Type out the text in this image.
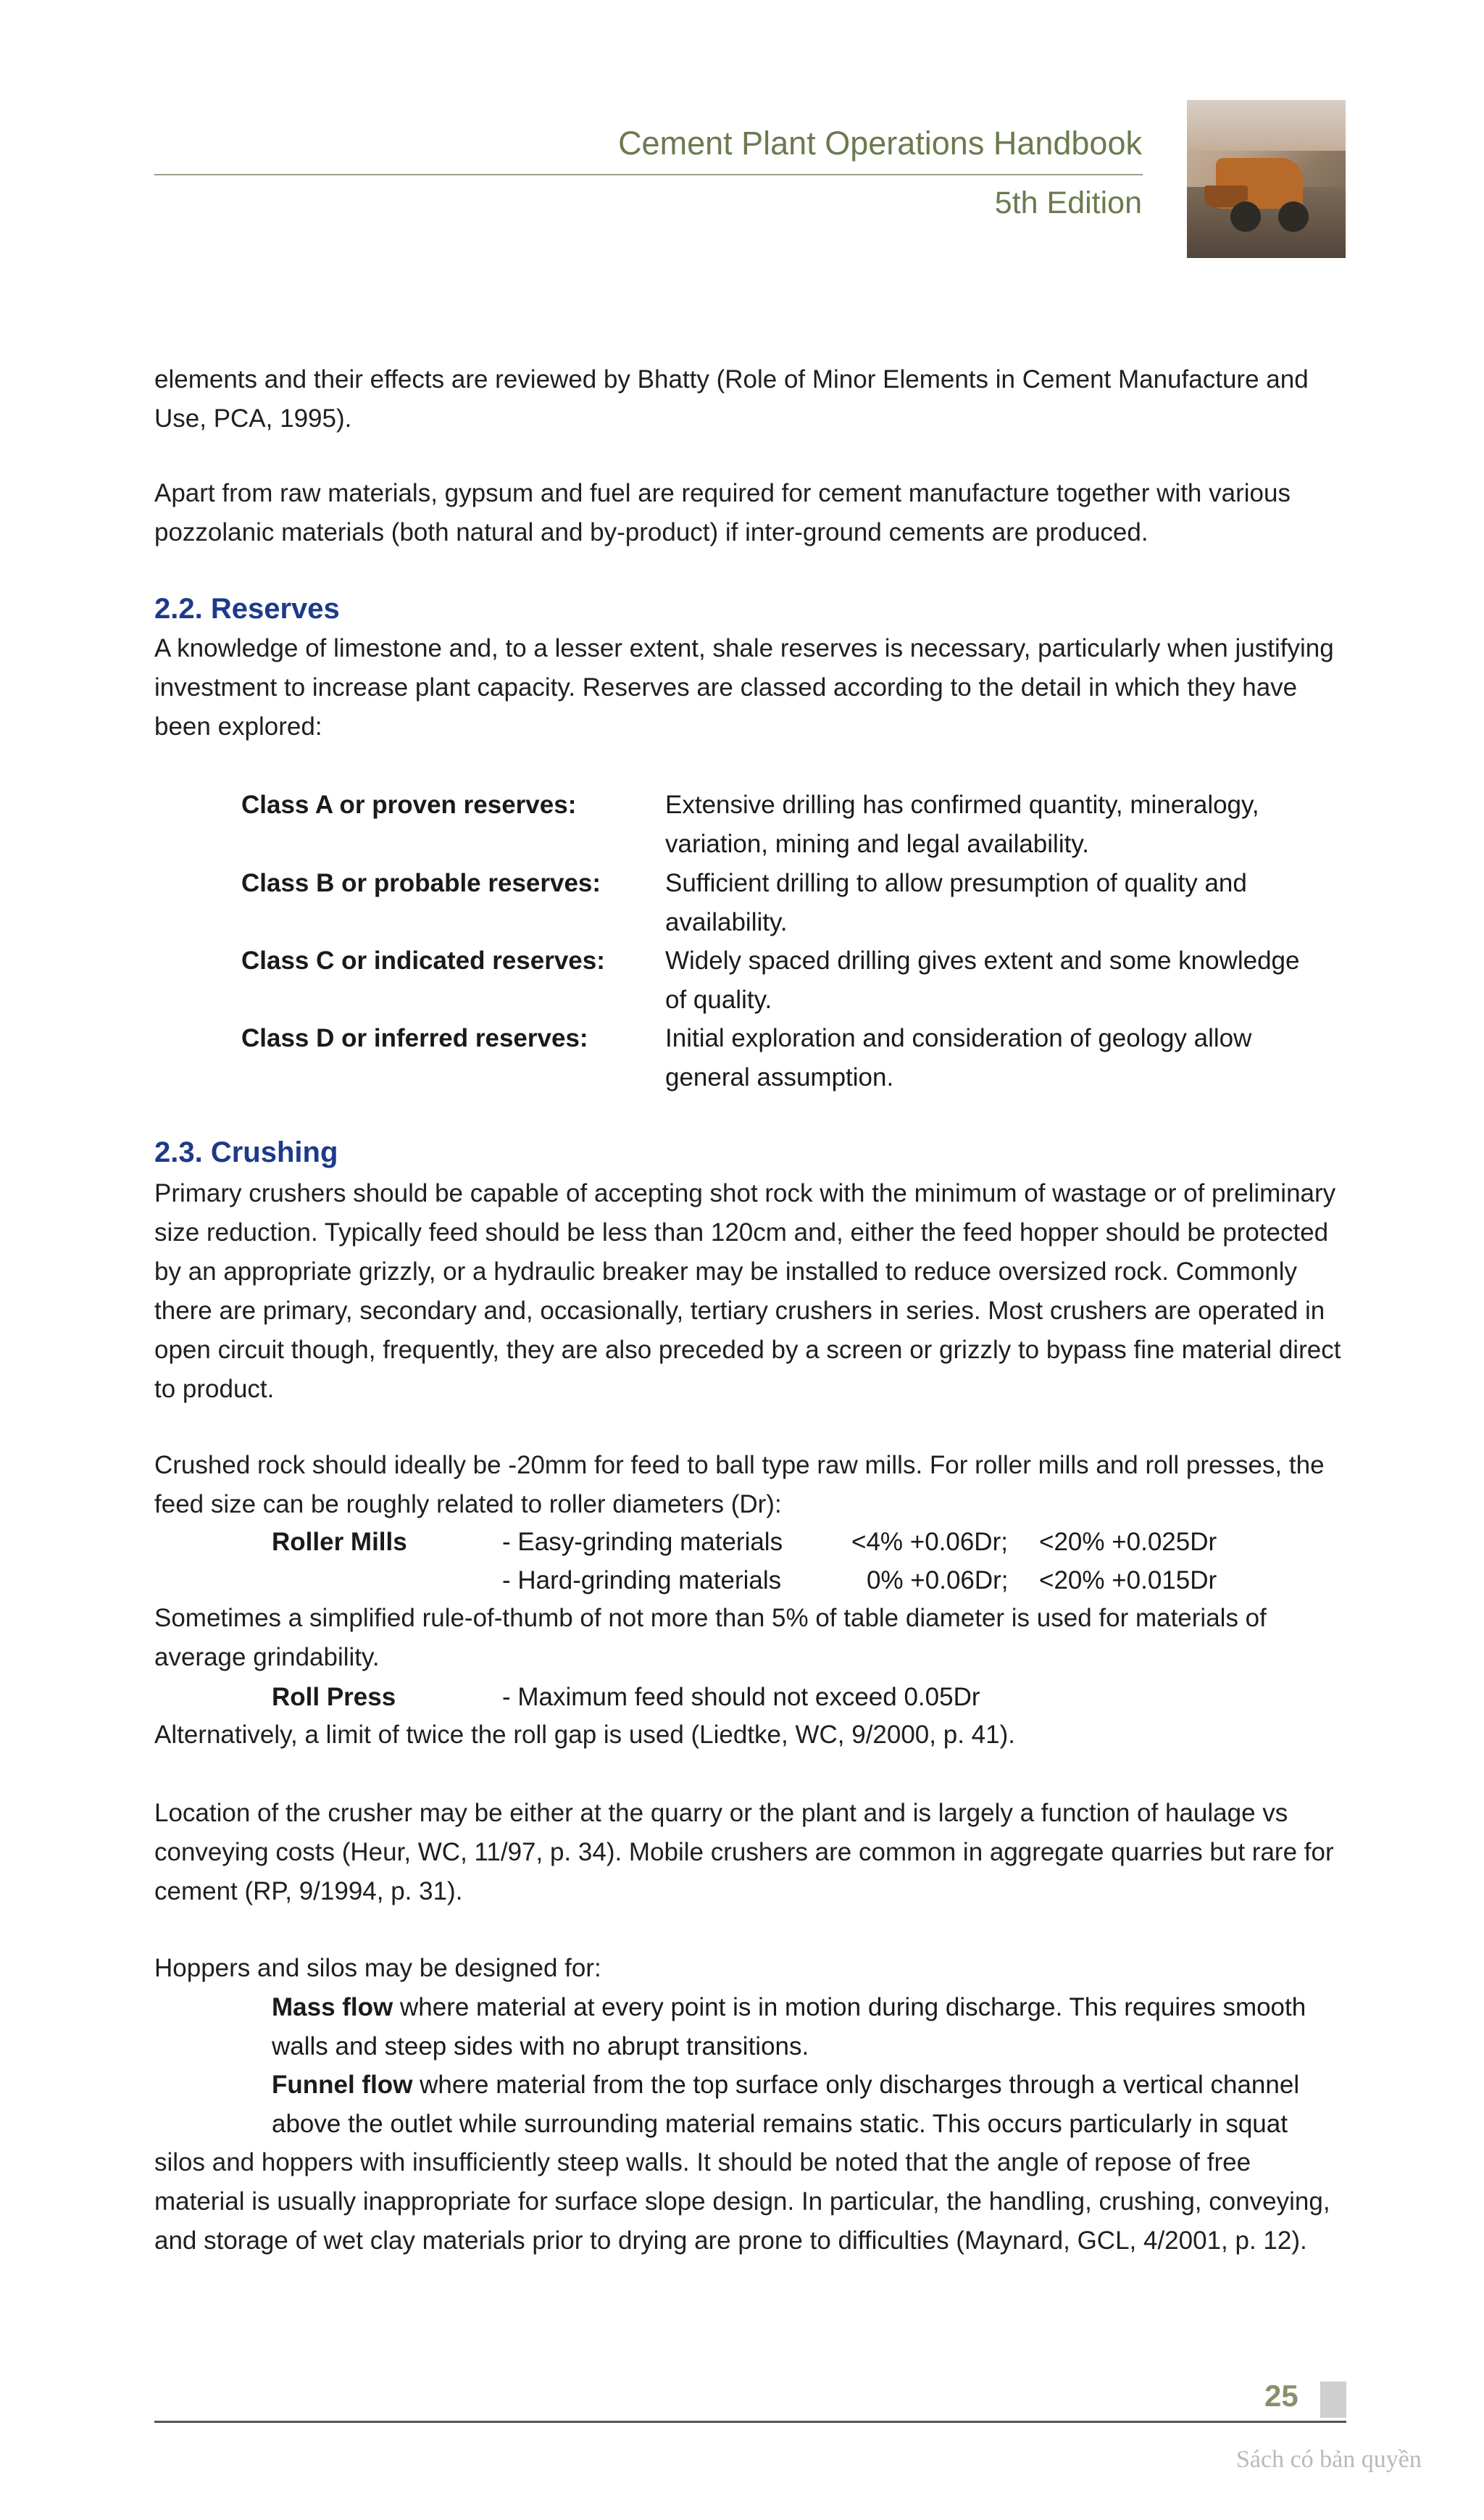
Cement Plant Operations Handbook
5th Edition
elements and their effects are reviewed by Bhatty (Role of Minor Elements in Cement Manufacture and Use, PCA, 1995).
Apart from raw materials, gypsum and fuel are required for cement manufacture together with various pozzolanic materials (both natural and by-product) if inter-ground cements are produced.
2.2. Reserves
A knowledge of limestone and, to a lesser extent, shale reserves is necessary, particularly when justifying investment to increase plant capacity. Reserves are classed according to the detail in which they have been explored:
Class A or proven reserves:	Extensive drilling has confirmed quantity, mineralogy, variation, mining and legal availability.
Class B or probable reserves:	Sufficient drilling to allow presumption of quality and availability.
Class C or indicated reserves: Widely spaced drilling gives extent and some knowledge of quality.
Class D or inferred reserves:	Initial exploration and consideration of geology allow general assumption.
2.3. Crushing
Primary crushers should be capable of accepting shot rock with the minimum of wastage or of preliminary size reduction. Typically feed should be less than 120cm and, either the feed hopper should be protected by an appropriate grizzly, or a hydraulic breaker may be installed to reduce oversized rock. Commonly there are primary, secondary and, occasionally, tertiary crushers in series. Most crushers are operated in open circuit though, frequently, they are also preceded by a screen or grizzly to bypass fine material direct to product.
Crushed rock should ideally be -20mm for feed to ball type raw mills. For roller mills and roll presses, the feed size can be roughly related to roller diameters (Dr):
Roller Mills	- Easy-grinding materials	<4% +0.06Dr; <20% +0.025Dr
- Hard-grinding materials	0% +0.06Dr; <20% +0.015Dr
Sometimes a simplified rule-of-thumb of not more than 5% of table diameter is used for materials of average grindability.
Roll Press	- Maximum feed should not exceed 0.05Dr
Alternatively, a limit of twice the roll gap is used (Liedtke, WC, 9/2000, p. 41).
Location of the crusher may be either at the quarry or the plant and is largely a function of haulage vs conveying costs (Heur, WC, 11/97, p. 34). Mobile crushers are common in aggregate quarries but rare for cement (RP, 9/1994, p. 31).
Hoppers and silos may be designed for:
Mass flow where material at every point is in motion during discharge. This requires smooth walls and steep sides with no abrupt transitions.
Funnel flow where material from the top surface only discharges through a vertical channel above the outlet while surrounding material remains static. This occurs particularly in squat
silos and hoppers with insufficiently steep walls. It should be noted that the angle of repose of free material is usually inappropriate for surface slope design. In particular, the handling, crushing, conveying, and storage of wet clay materials prior to drying are prone to difficulties (Maynard, GCL, 4/2001, p. 12).
25
Sách có bản quyền
